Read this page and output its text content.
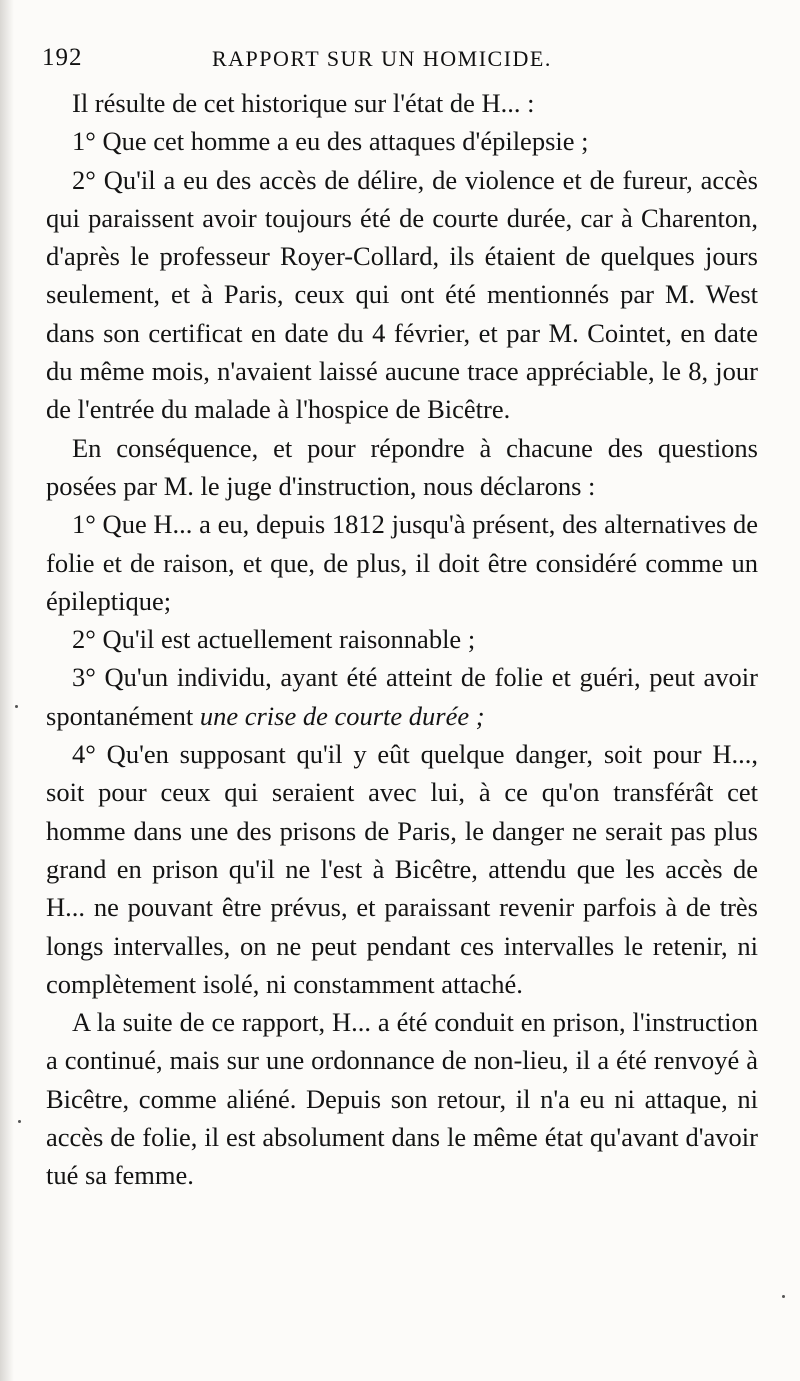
192	RAPPORT SUR UN HOMICIDE.

Il résulte de cet historique sur l'état de H... :

1° Que cet homme a eu des attaques d'épilepsie ;

2° Qu'il a eu des accès de délire, de violence et de fureur, accès qui paraissent avoir toujours été de courte durée, car à Charenton, d'après le professeur Royer-Collard, ils étaient de quelques jours seulement, et à Paris, ceux qui ont été mentionnés par M. West dans son certificat en date du 4 février, et par M. Cointet, en date du même mois, n'avaient laissé aucune trace appréciable, le 8, jour de l'entrée du malade à l'hospice de Bicêtre.

En conséquence, et pour répondre à chacune des questions posées par M. le juge d'instruction, nous déclarons :

1° Que H... a eu, depuis 1812 jusqu'à présent, des alternatives de folie et de raison, et que, de plus, il doit être considéré comme un épileptique;

2° Qu'il est actuellement raisonnable ;

3° Qu'un individu, ayant été atteint de folie et guéri, peut avoir spontanément une crise de courte durée ;

4° Qu'en supposant qu'il y eût quelque danger, soit pour H..., soit pour ceux qui seraient avec lui, à ce qu'on transférât cet homme dans une des prisons de Paris, le danger ne serait pas plus grand en prison qu'il ne l'est à Bicêtre, attendu que les accès de H... ne pouvant être prévus, et paraissant revenir parfois à de très longs intervalles, on ne peut pendant ces intervalles le retenir, ni complètement isolé, ni constamment attaché.

A la suite de ce rapport, H... a été conduit en prison, l'instruction a continué, mais sur une ordonnance de non-lieu, il a été renvoyé à Bicêtre, comme aliéné. Depuis son retour, il n'a eu ni attaque, ni accès de folie, il est absolument dans le même état qu'avant d'avoir tué sa femme.
